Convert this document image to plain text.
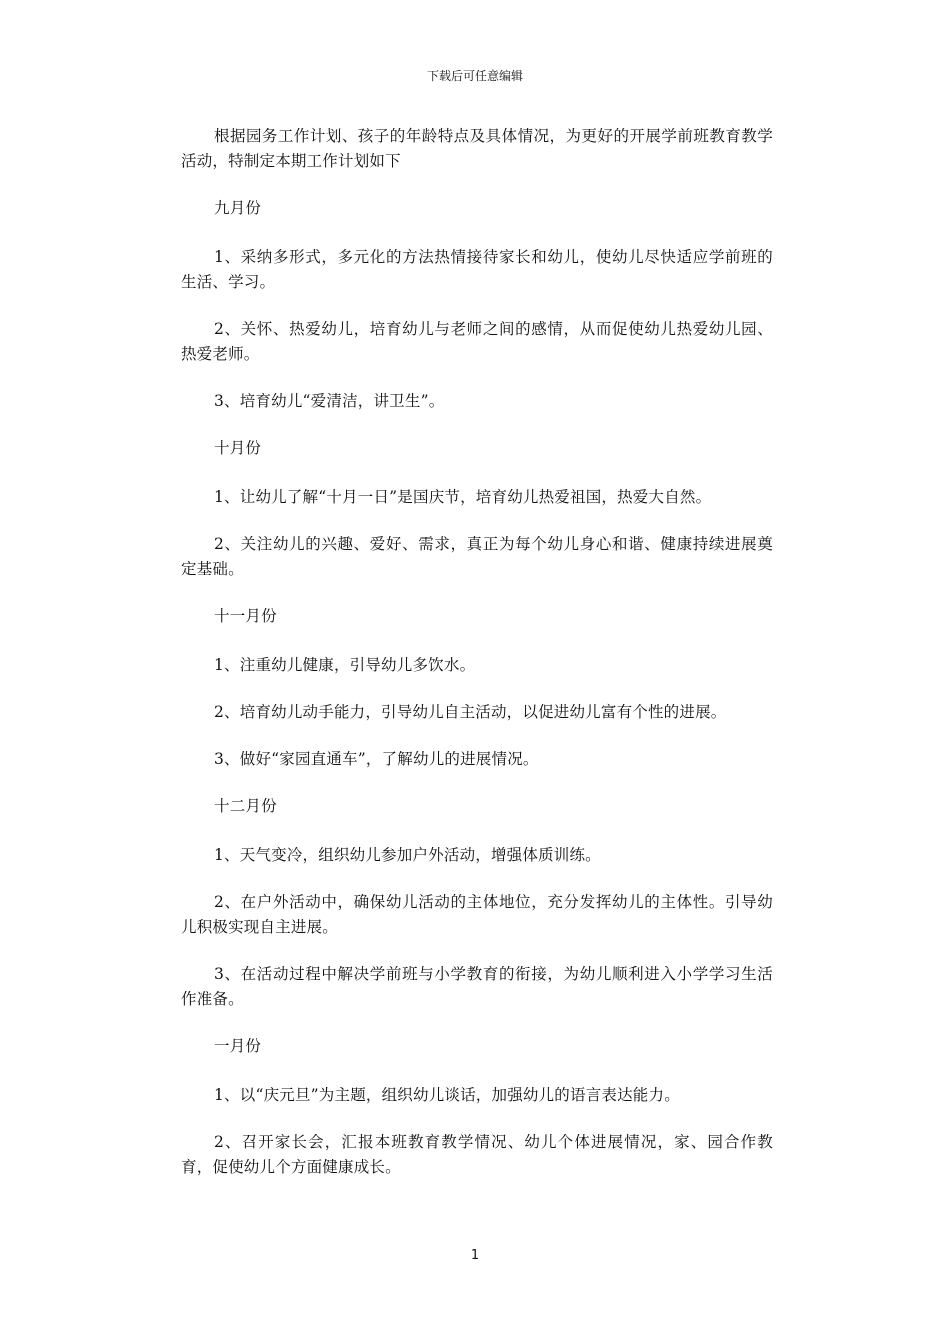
下载后可任意编辑

根据园务工作计划、孩子的年龄特点及具体情况，为更好的开展学前班教育教学活动，特制定本期工作计划如下

九月份

1、采纳多形式，多元化的方法热情接待家长和幼儿，使幼儿尽快适应学前班的生活、学习。

2、关怀、热爱幼儿，培育幼儿与老师之间的感情，从而促使幼儿热爱幼儿园、热爱老师。

3、培育幼儿“爱清洁，讲卫生”。

十月份

1、让幼儿了解“十月一日”是国庆节，培育幼儿热爱祖国，热爱大自然。

2、关注幼儿的兴趣、爱好、需求，真正为每个幼儿身心和谐、健康持续进展奠定基础。

十一月份

1、注重幼儿健康，引导幼儿多饮水。

2、培育幼儿动手能力，引导幼儿自主活动，以促进幼儿富有个性的进展。

3、做好“家园直通车”，了解幼儿的进展情况。

十二月份

1、天气变冷，组织幼儿参加户外活动，增强体质训练。

2、在户外活动中，确保幼儿活动的主体地位，充分发挥幼儿的主体性。引导幼儿积极实现自主进展。

3、在活动过程中解决学前班与小学教育的衔接，为幼儿顺利进入小学学习生活作准备。

一月份

1、以“庆元旦”为主题，组织幼儿谈话，加强幼儿的语言表达能力。

2、召开家长会，汇报本班教育教学情况、幼儿个体进展情况，家、园合作教育，促使幼儿个方面健康成长。

1
